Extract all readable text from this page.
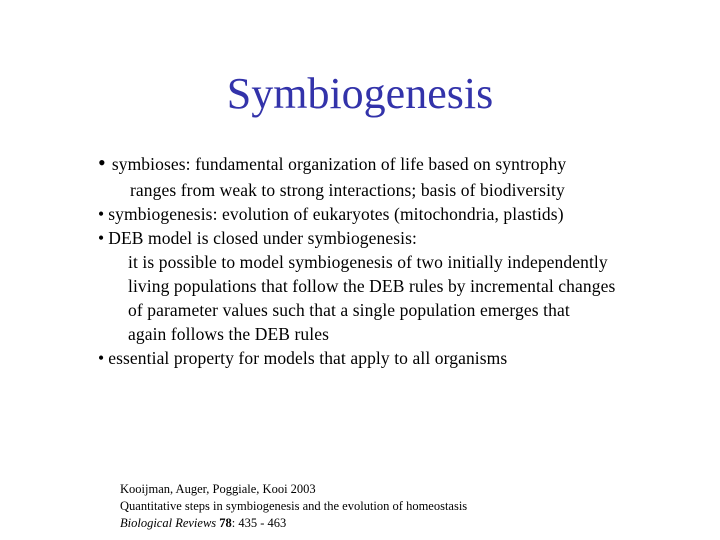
Symbiogenesis
• symbioses: fundamental organization of life based on syntrophy
ranges from weak to strong interactions; basis of biodiversity
• symbiogenesis: evolution of eukaryotes (mitochondria, plastids)
• DEB model is closed under symbiogenesis:
it is possible to model symbiogenesis of two initially independently
living populations that follow the DEB rules by incremental changes
of parameter values such that a single population emerges that
again follows the DEB rules
• essential property for models that apply to all organisms
Kooijman, Auger, Poggiale, Kooi 2003
Quantitative steps in symbiogenesis and the evolution of homeostasis
Biological Reviews 78: 435 - 463
